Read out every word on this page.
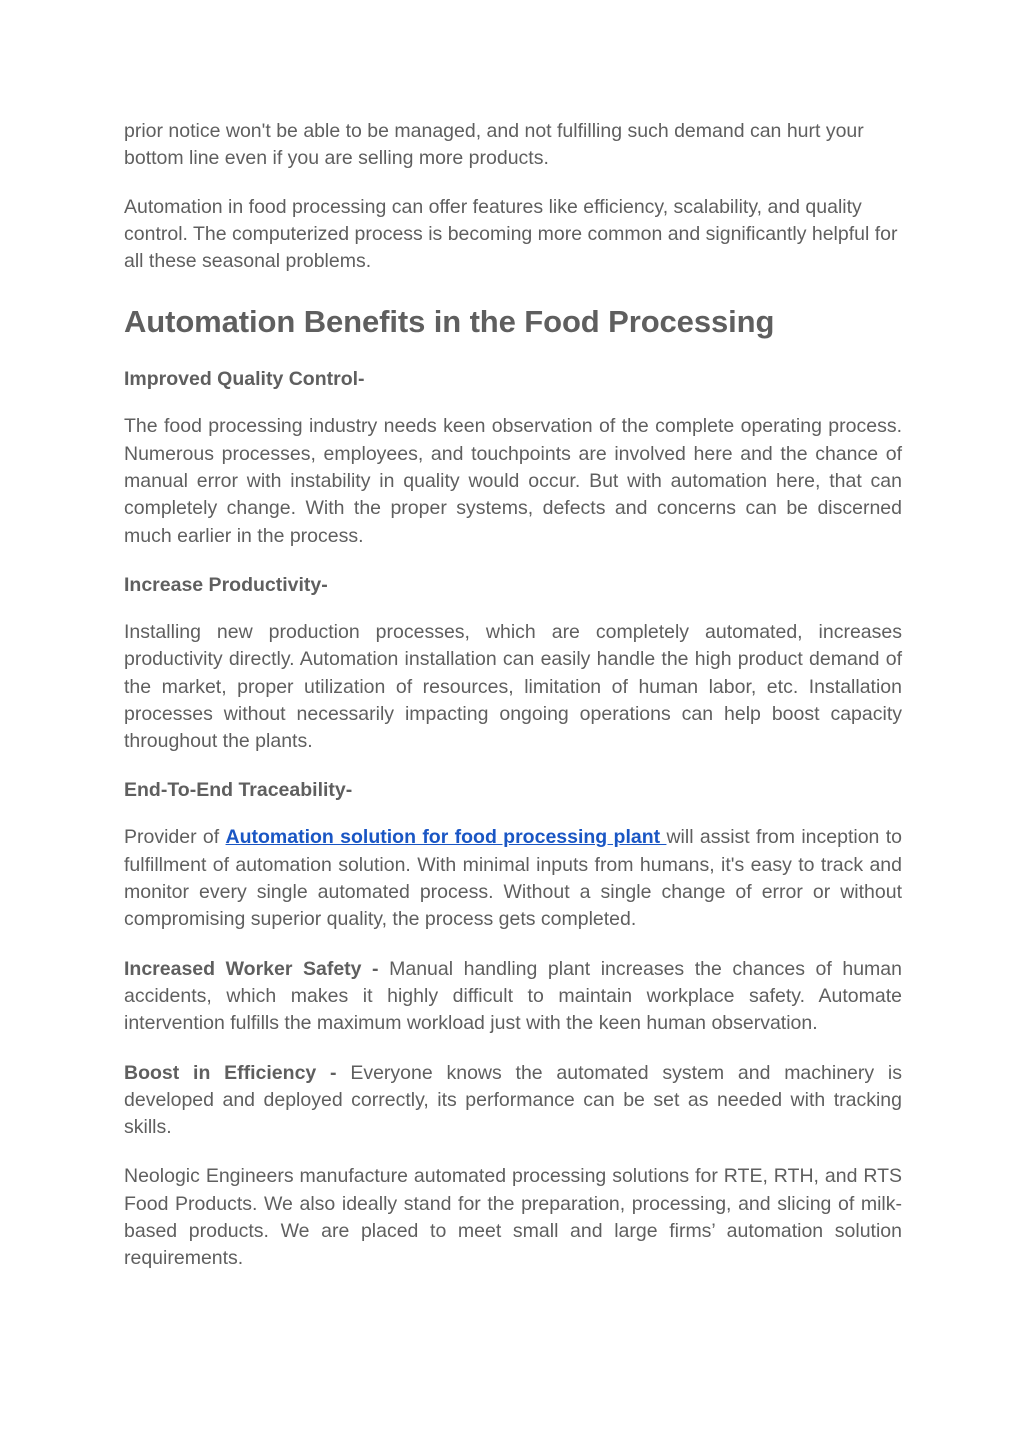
prior notice won't be able to be managed, and not fulfilling such demand can hurt your bottom line even if you are selling more products.

Automation in food processing can offer features like efficiency, scalability, and quality control. The computerized process is becoming more common and significantly helpful for all these seasonal problems.

Automation Benefits in the Food Processing
Improved Quality Control-

The food processing industry needs keen observation of the complete operating process. Numerous processes, employees, and touchpoints are involved here and the chance of manual error with instability in quality would occur. But with automation here, that can completely change. With the proper systems, defects and concerns can be discerned much earlier in the process.

Increase Productivity-

Installing new production processes, which are completely automated, increases productivity directly. Automation installation can easily handle the high product demand of the market, proper utilization of resources, limitation of human labor, etc. Installation processes without necessarily impacting ongoing operations can help boost capacity throughout the plants.

End-To-End Traceability-

Provider of Automation solution for food processing plant will assist from inception to fulfillment of automation solution. With minimal inputs from humans, it's easy to track and monitor every single automated process. Without a single change of error or without compromising superior quality, the process gets completed.

Increased Worker Safety - Manual handling plant increases the chances of human accidents, which makes it highly difficult to maintain workplace safety. Automate intervention fulfills the maximum workload just with the keen human observation.

Boost in Efficiency - Everyone knows the automated system and machinery is developed and deployed correctly, its performance can be set as needed with tracking skills.

Neologic Engineers manufacture automated processing solutions for RTE, RTH, and RTS Food Products. We also ideally stand for the preparation, processing, and slicing of milk-based products. We are placed to meet small and large firms’ automation solution requirements.
